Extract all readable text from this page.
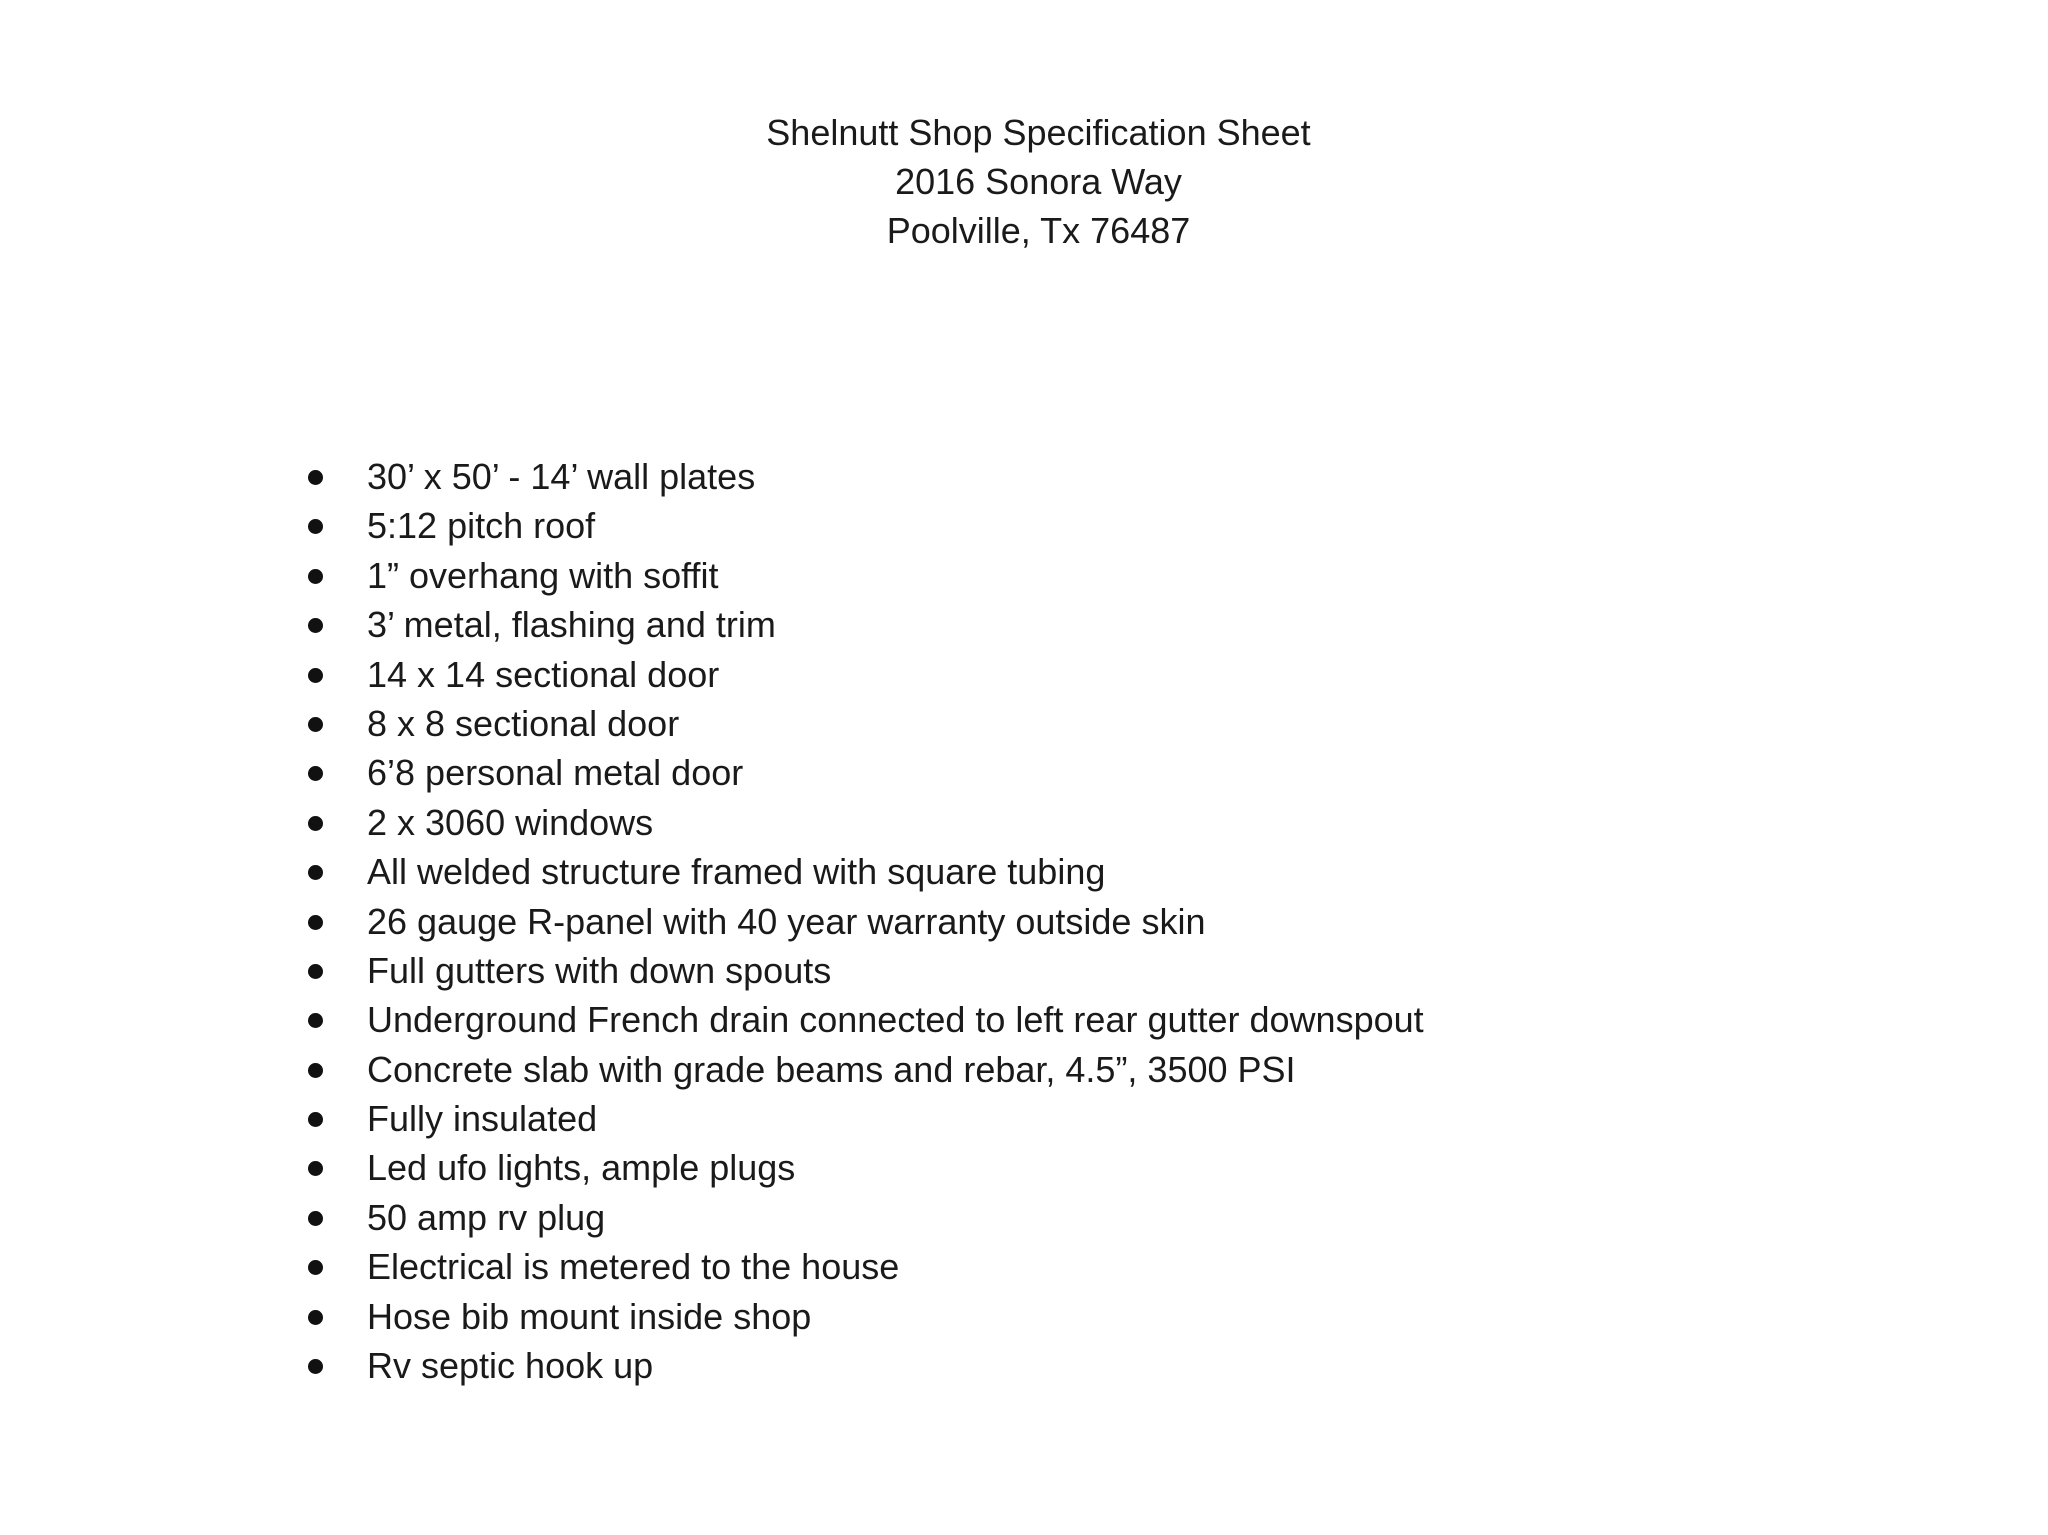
Shelnutt Shop Specification Sheet
2016 Sonora Way
Poolville, Tx 76487
30’ x 50’ - 14’ wall plates
5:12 pitch roof
1” overhang with soffit
3’ metal, flashing and trim
14 x 14 sectional door
8 x 8 sectional door
6’8 personal metal door
2 x 3060 windows
All welded structure framed with square tubing
26 gauge R-panel with 40 year warranty outside skin
Full gutters with down spouts
Underground French drain connected to left rear gutter downspout
Concrete slab with grade beams and rebar, 4.5”, 3500 PSI
Fully insulated
Led ufo lights, ample plugs
50 amp rv plug
Electrical is metered to the house
Hose bib mount inside shop
Rv septic hook up
